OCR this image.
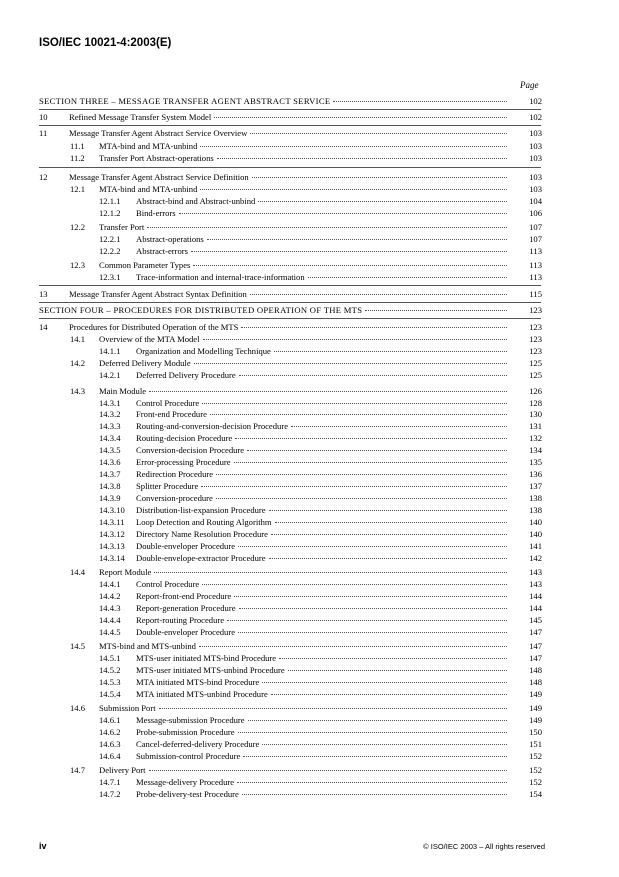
ISO/IEC 10021-4:2003(E)
Page
SECTION THREE – MESSAGE TRANSFER AGENT ABSTRACT SERVICE	102
10 Refined Message Transfer System Model	102
11	Message Transfer Agent Abstract Service Overview	103
11.1 MTA-bind and MTA-unbind	103
11.2 Transfer Port Abstract-operations	103
12 Message Transfer Agent Abstract Service Definition	103
12.1 MTA-bind and MTA-unbind	103
12.1.1 Abstract-bind and Abstract-unbind	104
12.1.2 Bind-errors	106
12.2 Transfer Port	107
12.2.1 Abstract-operations	107
12.2.2 Abstract-errors	113
12.3 Common Parameter Types	113
12.3.1 Trace-information and internal-trace-information	113
13 Message Transfer Agent Abstract Syntax Definition	115
SECTION FOUR – PROCEDURES FOR DISTRIBUTED OPERATION OF THE MTS	123
14 Procedures for Distributed Operation of the MTS	123
14.1 Overview of the MTA Model	123
14.1.1 Organization and Modelling Technique	123
14.2 Deferred Delivery Module	125
14.2.1 Deferred Delivery Procedure	125
14.3 Main Module	126
14.3.1 Control Procedure	128
14.3.2 Front-end Procedure	130
14.3.3 Routing-and-conversion-decision Procedure	131
14.3.4 Routing-decision Procedure	132
14.3.5 Conversion-decision Procedure	134
14.3.6 Error-processing Procedure	135
14.3.7 Redirection Procedure	136
14.3.8 Splitter Procedure	137
14.3.9 Conversion-procedure	138
14.3.10 Distribution-list-expansion Procedure	138
14.3.11 Loop Detection and Routing Algorithm	140
14.3.12 Directory Name Resolution Procedure	140
14.3.13 Double-enveloper Procedure	141
14.3.14 Double-envelope-extractor Procedure	142
14.4 Report Module	143
14.4.1 Control Procedure	143
14.4.2 Report-front-end Procedure	144
14.4.3 Report-generation Procedure	144
14.4.4 Report-routing Procedure	145
14.4.5 Double-enveloper Procedure	147
14.5 MTS-bind and MTS-unbind	147
14.5.1 MTS-user initiated MTS-bind Procedure	147
14.5.2 MTS-user initiated MTS-unbind Procedure	148
14.5.3 MTA initiated MTS-bind Procedure	148
14.5.4 MTA initiated MTS-unbind Procedure	149
14.6 Submission Port	149
14.6.1 Message-submission Procedure	149
14.6.2 Probe-submission Procedure	150
14.6.3 Cancel-deferred-delivery Procedure	151
14.6.4 Submission-control Procedure	152
14.7 Delivery Port	152
14.7.1 Message-delivery Procedure	152
14.7.2 Probe-delivery-test Procedure	154
iv	© ISO/IEC 2003 – All rights reserved
